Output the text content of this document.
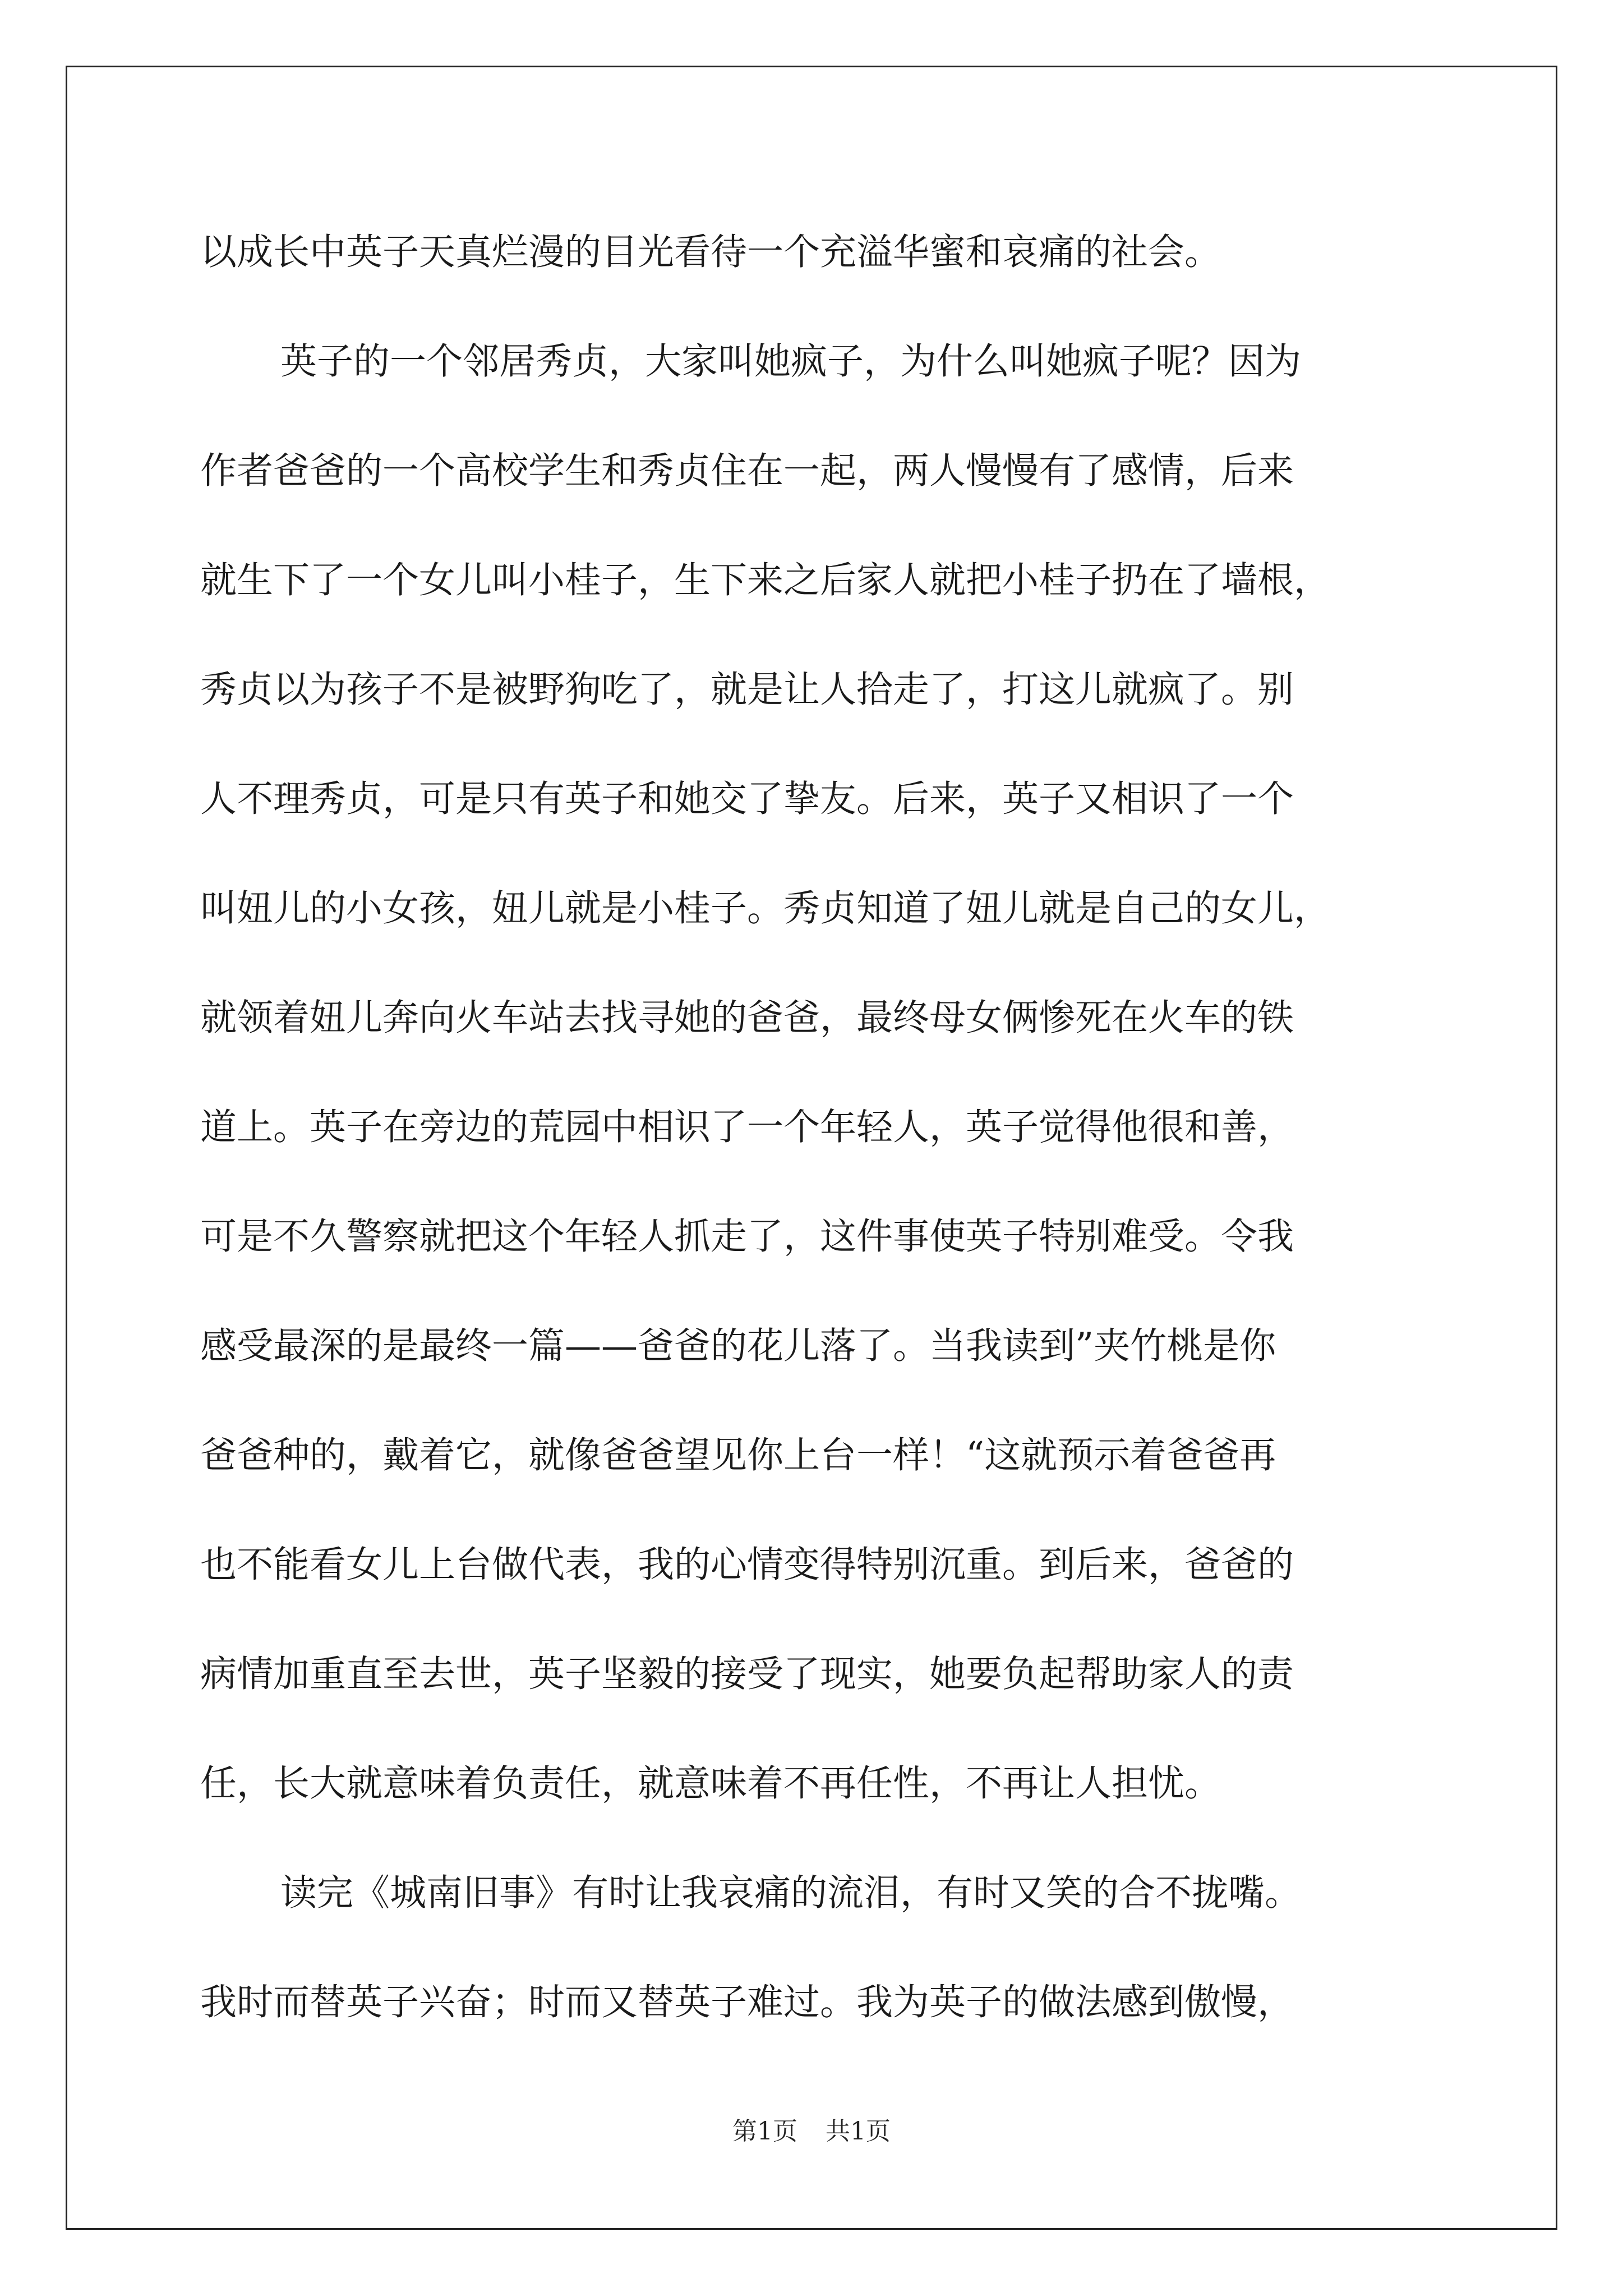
以成长中英子天真烂漫的目光看待一个充溢华蜜和哀痛的社会。
英子的一个邻居秀贞，大家叫她疯子，为什么叫她疯子呢？因为
作者爸爸的一个高校学生和秀贞住在一起，两人慢慢有了感情，后来
就生下了一个女儿叫小桂子，生下来之后家人就把小桂子扔在了墙根，
秀贞以为孩子不是被野狗吃了，就是让人拾走了，打这儿就疯了。别
人不理秀贞，可是只有英子和她交了挚友。后来，英子又相识了一个
叫妞儿的小女孩，妞儿就是小桂子。秀贞知道了妞儿就是自己的女儿，
就领着妞儿奔向火车站去找寻她的爸爸，最终母女俩惨死在火车的铁
道上。英子在旁边的荒园中相识了一个年轻人，英子觉得他很和善，
可是不久警察就把这个年轻人抓走了，这件事使英子特别难受。令我
感受最深的是最终一篇——爸爸的花儿落了。当我读到”夹竹桃是你
爸爸种的，戴着它，就像爸爸望见你上台一样！“这就预示着爸爸再
也不能看女儿上台做代表，我的心情变得特别沉重。到后来，爸爸的
病情加重直至去世，英子坚毅的接受了现实，她要负起帮助家人的责
任，长大就意味着负责任，就意味着不再任性，不再让人担忧。
读完《城南旧事》有时让我哀痛的流泪，有时又笑的合不拢嘴。
我时而替英子兴奋；时而又替英子难过。我为英子的做法感到傲慢，
第1页 共1页
